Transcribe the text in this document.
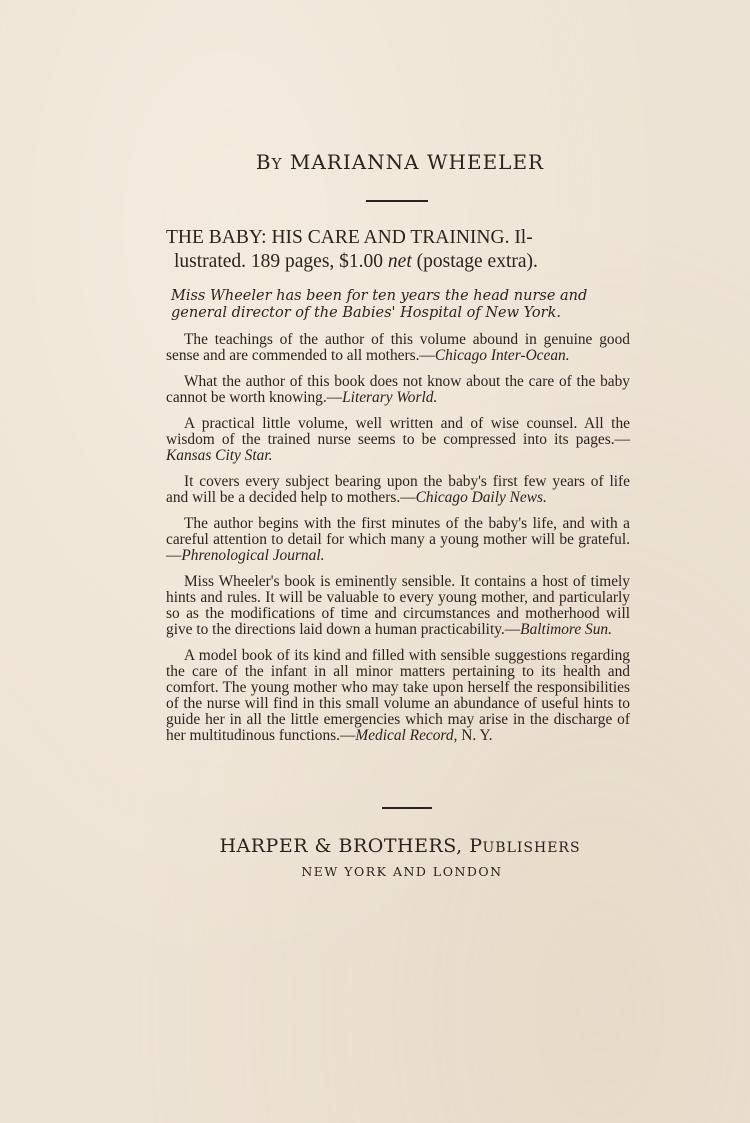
BY MARIANNA WHEELER

THE BABY: HIS CARE AND TRAINING. Il-
lustrated. 189 pages, $1.00 net (postage extra).

Miss Wheeler has been for ten years the head nurse and general director of the Babies' Hospital of New York.

The teachings of the author of this volume abound in genuine good sense and are commended to all mothers.—Chicago Inter-Ocean.

What the author of this book does not know about the care of the baby cannot be worth knowing.—Literary World.

A practical little volume, well written and of wise counsel. All the wisdom of the trained nurse seems to be compressed into its pages.—Kansas City Star.

It covers every subject bearing upon the baby's first few years of life and will be a decided help to mothers.—Chicago Daily News.

The author begins with the first minutes of the baby's life, and with a careful attention to detail for which many a young mother will be grateful.—Phrenological Journal.

Miss Wheeler's book is eminently sensible. It contains a host of timely hints and rules. It will be valuable to every young mother, and particularly so as the modifications of time and circumstances and motherhood will give to the directions laid down a human practicability.—Baltimore Sun.

A model book of its kind and filled with sensible suggestions regarding the care of the infant in all minor matters pertaining to its health and comfort. The young mother who may take upon herself the responsibilities of the nurse will find in this small volume an abundance of useful hints to guide her in all the little emergencies which may arise in the discharge of her multitudinous functions.—Medical Record, N. Y.

HARPER & BROTHERS, PUBLISHERS
NEW YORK AND LONDON
